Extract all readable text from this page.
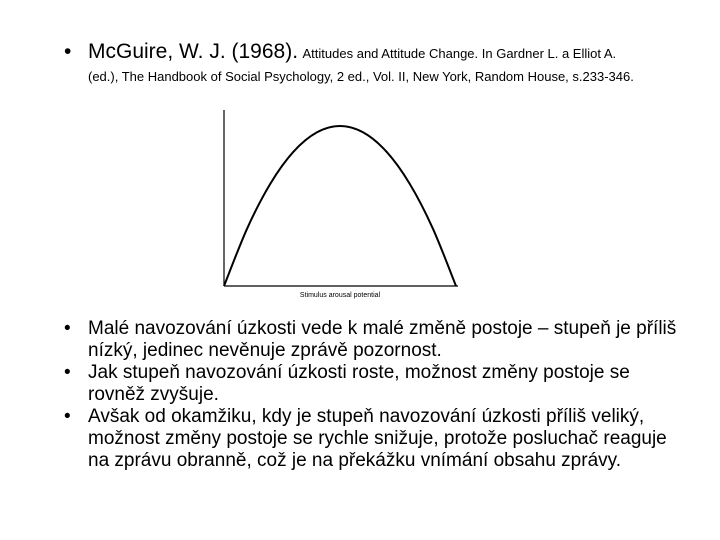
• McGuire, W. J. (1968). Attitudes and Attitude Change. In Gardner L. a Elliot A.
(ed.), The Handbook of Social Psychology, 2 ed., Vol. II, New York, Random House, s.233-346.
Stimulus arousal potential
• Malé navozování úzkosti vede k malé změně postoje – stupeň je příliš nízký, jedinec nevěnuje zprávě pozornost.
• Jak stupeň navozování úzkosti roste, možnost změny postoje se rovněž zvyšuje.
• Avšak od okamžiku, kdy je stupeň navozování úzkosti příliš veliký, možnost změny postoje se rychle snižuje, protože posluchač reaguje na zprávu obranně, což je na překážku vnímání obsahu zprávy.
